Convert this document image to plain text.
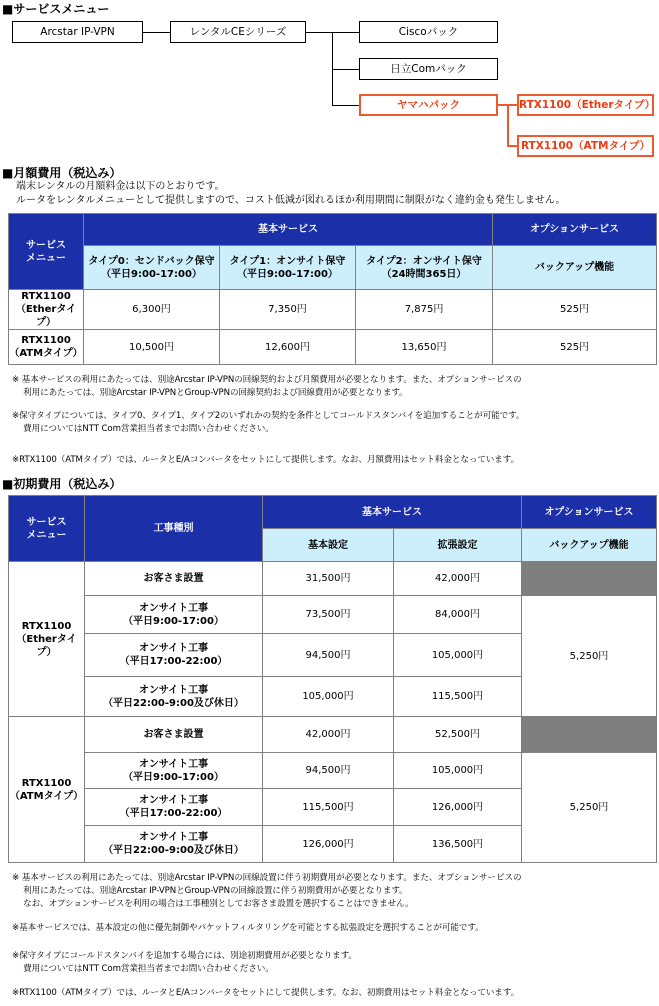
■サービスメニュー
Arcstar IP-VPN	レンタルCEシリーズ	Ciscoパック
日立Comパック
ヤマハパック	RTX1100（Etherタイプ）
RTX1100（ATMタイプ）
■月額費用（税込み）
端末レンタルの月額料金は以下のとおりです。
ルータをレンタルメニューとして提供しますので、コスト低減が図れるほか利用期間に制限がなく違約金も発生しません。
サービス
メニュー	基本サービス			オプションサービス
	タイプ0：センドバック保守
（平日9:00-17:00）	タイプ1：オンサイト保守
（平日9:00-17:00）	タイプ2：オンサイト保守
（24時間365日）	バックアップ機能
RTX1100
（Etherタイプ）	6,300円	7,350円	7,875円	525円
RTX1100
（ATMタイプ）	10,500円	12,600円	13,650円	525円
※ 基本サービスの利用にあたっては、別途Arcstar IP-VPNの回線契約および月額費用が必要となります。また、オプションサービスの
　 利用にあたっては、別途Arcstar IP-VPNとGroup-VPNの回線契約および回線費用が必要となります。
※保守タイプについては、タイプ0、タイプ1、タイプ2のいずれかの契約を条件としてコールドスタンバイを追加することが可能です。
　 費用についてはNTT Com営業担当者までお問い合わせください。
※RTX1100（ATMタイプ）では、ルータとE/Aコンバータをセットにして提供します。なお、月額費用はセット料金となっています。
■初期費用（税込み）
サービス
メニュー	工事種別	基本サービス		オプションサービス
		基本設定	拡張設定	バックアップ機能
RTX1100
（Etherタイプ）	お客さま設置	31,500円	42,000円	
	オンサイト工事
（平日9:00-17:00）	73,500円	84,000円	5,250円
	オンサイト工事
（平日17:00-22:00）	94,500円	105,000円	
	オンサイト工事
（平日22:00-9:00及び休日）	105,000円	115,500円	
RTX1100
（ATMタイプ）	お客さま設置	42,000円	52,500円	
	オンサイト工事
（平日9:00-17:00）	94,500円	105,000円	5,250円
	オンサイト工事
（平日17:00-22:00）	115,500円	126,000円	
	オンサイト工事
（平日22:00-9:00及び休日）	126,000円	136,500円	
※ 基本サービスの利用にあたっては、別途Arcstar IP-VPNの回線設置に伴う初期費用が必要となります。また、オプションサービスの
　 利用にあたっては、別途Arcstar IP-VPNとGroup-VPNの回線設置に伴う初期費用が必要となります。
　 なお、オプションサービスを利用の場合は工事種別としてお客さま設置を選択することはできません。
※基本サービスでは、基本設定の他に優先制御やパケットフィルタリングを可能とする拡張設定を選択することが可能です。
※保守タイプにコールドスタンバイを追加する場合には、別途初期費用が必要となります。
　 費用についてはNTT Com営業担当者までお問い合わせください。
※RTX1100（ATMタイプ）では、ルータとE/Aコンバータをセットにして提供します。なお、初期費用はセット料金となっています。
